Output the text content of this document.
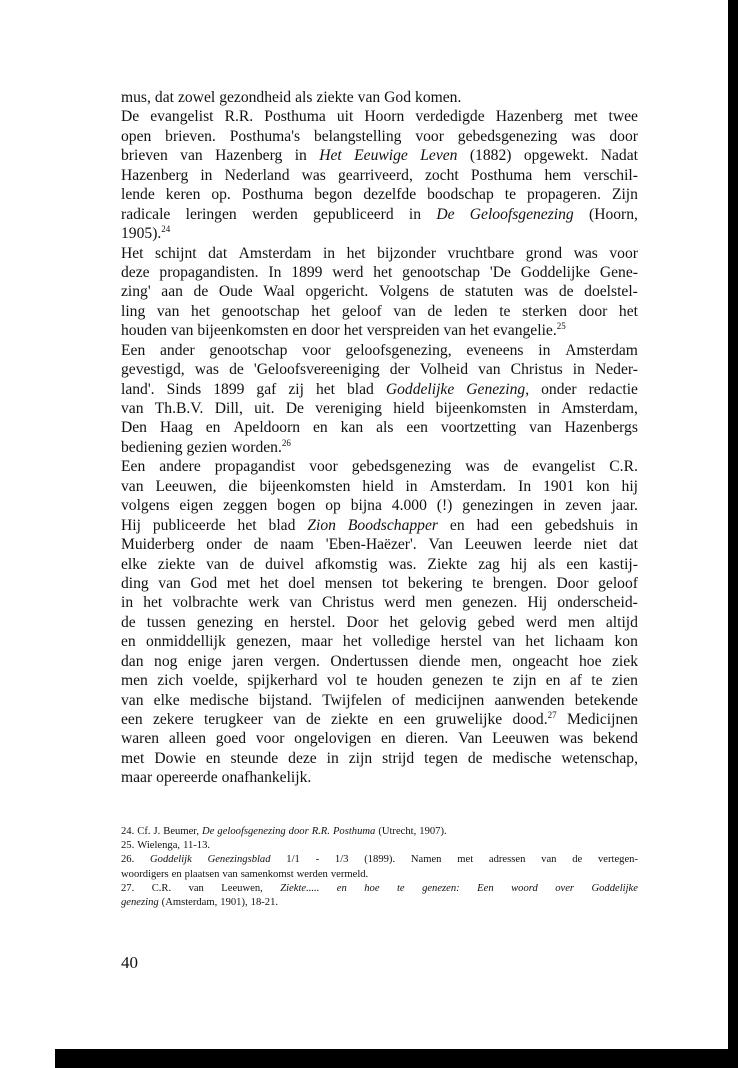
mus, dat zowel gezondheid als ziekte van God komen.
De evangelist R.R. Posthuma uit Hoorn verdedigde Hazenberg met twee
open brieven. Posthuma's belangstelling voor gebedsgenezing was door
brieven van Hazenberg in Het Eeuwige Leven (1882) opgewekt. Nadat
Hazenberg in Nederland was gearriveerd, zocht Posthuma hem verschil-
lende keren op. Posthuma begon dezelfde boodschap te propageren. Zijn
radicale leringen werden gepubliceerd in De Geloofsgenezing (Hoorn,
1905).$^{24}$
Het schijnt dat Amsterdam in het bijzonder vruchtbare grond was voor
deze propagandisten. In 1899 werd het genootschap 'De Goddelijke Gene-
zing' aan de Oude Waal opgericht. Volgens de statuten was de doelstel-
ling van het genootschap het geloof van de leden te sterken door het
houden van bijeenkomsten en door het verspreiden van het evangelie.$^{25}$
Een ander genootschap voor geloofsgenezing, eveneens in Amsterdam
gevestigd, was de 'Geloofsvereeniging der Volheid van Christus in Neder-
land'. Sinds 1899 gaf zij het blad Goddelijke Genezing, onder redactie
van Th.B.V. Dill, uit. De vereniging hield bijeenkomsten in Amsterdam,
Den Haag en Apeldoorn en kan als een voortzetting van Hazenbergs
bediening gezien worden.$^{26}$
Een andere propagandist voor gebedsgenezing was de evangelist C.R.
van Leeuwen, die bijeenkomsten hield in Amsterdam. In 1901 kon hij
volgens eigen zeggen bogen op bijna 4.000 (!) genezingen in zeven jaar.
Hij publiceerde het blad Zion Boodschapper en had een gebedshuis in
Muiderberg onder de naam 'Eben-Haëzer'. Van Leeuwen leerde niet dat
elke ziekte van de duivel afkomstig was. Ziekte zag hij als een kastij-
ding van God met het doel mensen tot bekering te brengen. Door geloof
in het volbrachte werk van Christus werd men genezen. Hij onderscheid-
de tussen genezing en herstel. Door het gelovig gebed werd men altijd
en onmiddellijk genezen, maar het volledige herstel van het lichaam kon
dan nog enige jaren vergen. Ondertussen diende men, ongeacht hoe ziek
men zich voelde, spijkerhard vol te houden genezen te zijn en af te zien
van elke medische bijstand. Twijfelen of medicijnen aanwenden betekende
een zekere terugkeer van de ziekte en een gruwelijke dood.$^{27}$ Medicijnen
waren alleen goed voor ongelovigen en dieren. Van Leeuwen was bekend
met Dowie en steunde deze in zijn strijd tegen de medische wetenschap,
maar opereerde onafhankelijk.
24. Cf. J. Beumer, De geloofsgenezing door R.R. Posthuma (Utrecht, 1907).
25. Wielenga, 11-13.
26. Goddelijk Genezingsblad 1/1 - 1/3 (1899). Namen met adressen van de vertegen-
woordigers en plaatsen van samenkomst werden vermeld.
27. C.R. van Leeuwen, Ziekte..... en hoe te genezen: Een woord over Goddelijke
genezing (Amsterdam, 1901), 18-21.
40
